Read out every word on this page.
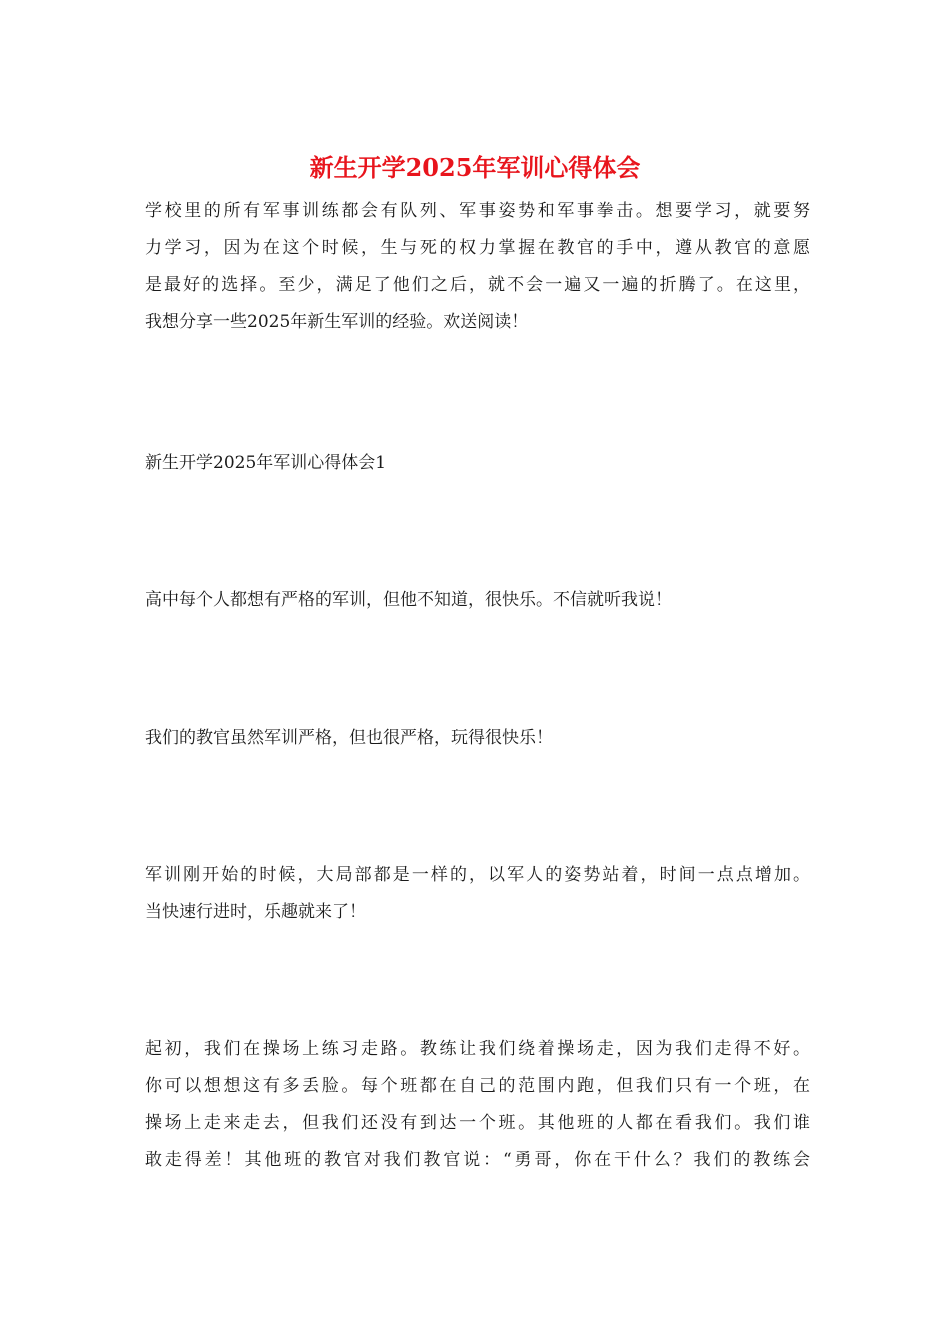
新生开学2025年军训心得体会
学校里的所有军事训练都会有队列、军事姿势和军事拳击。想要学习，就要努
力学习，因为在这个时候，生与死的权力掌握在教官的手中，遵从教官的意愿
是最好的选择。至少，满足了他们之后，就不会一遍又一遍的折腾了。在这里，
我想分享一些2025年新生军训的经验。欢送阅读！
新生开学2025年军训心得体会1
高中每个人都想有严格的军训，但他不知道，很快乐。不信就听我说！
我们的教官虽然军训严格，但也很严格，玩得很快乐！
军训刚开始的时候，大局部都是一样的，以军人的姿势站着，时间一点点增加。
当快速行进时，乐趣就来了！
起初，我们在操场上练习走路。教练让我们绕着操场走，因为我们走得不好。
你可以想想这有多丢脸。每个班都在自己的范围内跑，但我们只有一个班，在
操场上走来走去，但我们还没有到达一个班。其他班的人都在看我们。我们谁
敢走得差！其他班的教官对我们教官说：“勇哥，你在干什么？我们的教练会
